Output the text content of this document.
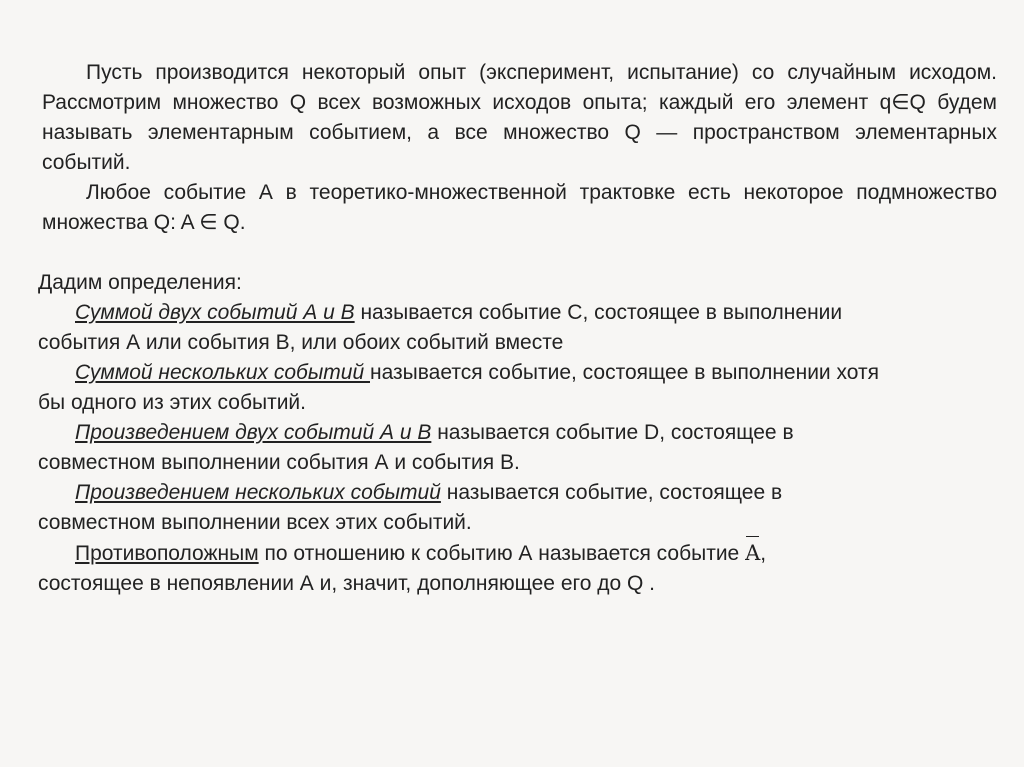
Пусть производится некоторый опыт (эксперимент, испытание) со случайным исходом. Рассмотрим множество Q всех возможных исходов опыта; каждый его элемент q∈Q будем называть элементарным событием, а все множество Q — пространством элементарных событий.
Любое событие А в теоретико-множественной трактовке есть некоторое подмножество множества Q: A ∈ Q.
Дадим определения:
Суммой двух событий А и В называется событие С, состоящее в выполнении
события А или события В, или обоих событий вместе
Суммой нескольких событий называется событие, состоящее в выполнении хотя
бы одного из этих событий.
Произведением двух событий А и В называется событие D, состоящее в
совместном выполнении события А и события В.
Произведением нескольких событий называется событие, состоящее в
совместном выполнении всех этих событий.
Противоположным по отношению к событию А называется событие A,
состоящее в непоявлении А и, значит, дополняющее его до Q .
